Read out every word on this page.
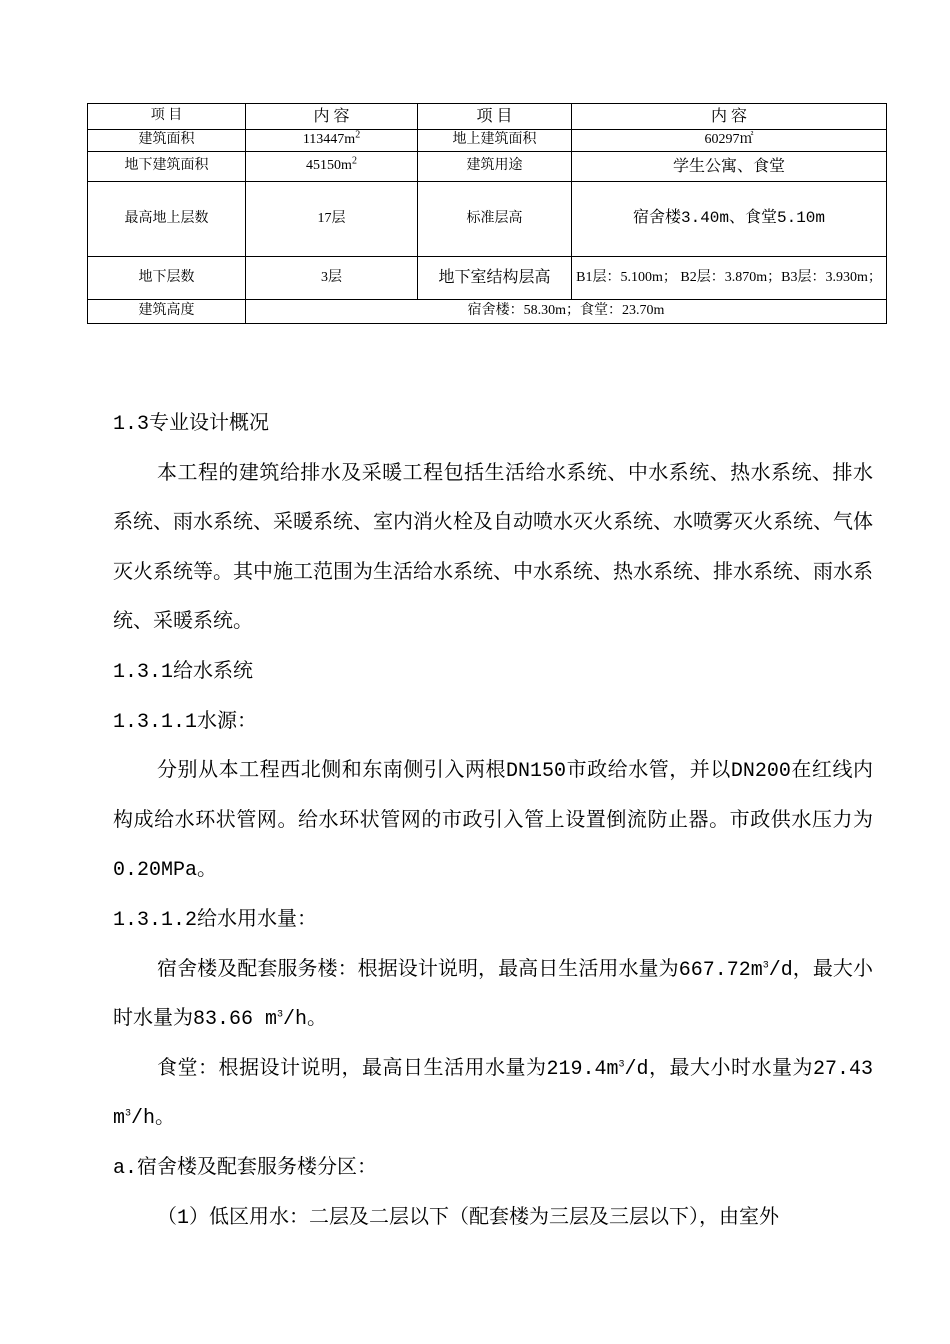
项 目	内 容	项 目	内 容
建筑面积	$113447m^2$	地上建筑面积	60297㎡
地下建筑面积	$45150m^2$	建筑用途	学生公寓、食堂
最高地上层数	17层	标准层高	宿舍楼3.40m、食堂5.10m
地下层数	3层	地下室结构层高	B1层：5.100m； B2层：3.870m；B3层：3.930m；
建筑高度	宿舍楼：58.30m；食堂：23.70m		

1.3专业设计概况

本工程的建筑给排水及采暖工程包括生活给水系统、中水系统、热水系统、排水系统、雨水系统、采暖系统、室内消火栓及自动喷水灭火系统、水喷雾灭火系统、气体灭火系统等。其中施工范围为生活给水系统、中水系统、热水系统、排水系统、雨水系统、采暖系统。

1.3.1给水系统

1.3.1.1水源：

分别从本工程西北侧和东南侧引入两根DN150市政给水管，并以DN200在红线内构成给水环状管网。给水环状管网的市政引入管上设置倒流防止器。市政供水压力为0.20MPa。

1.3.1.2给水用水量：

宿舍楼及配套服务楼：根据设计说明，最高日生活用水量为$667.72m^3/d$，最大小时水量为83.66 $m^3/h$。

食堂：根据设计说明，最高日生活用水量为$219.4m^3/d$，最大小时水量为27.43 $m^3/h$。

a.宿舍楼及配套服务楼分区：

（1）低区用水：二层及二层以下（配套楼为三层及三层以下），由室外
